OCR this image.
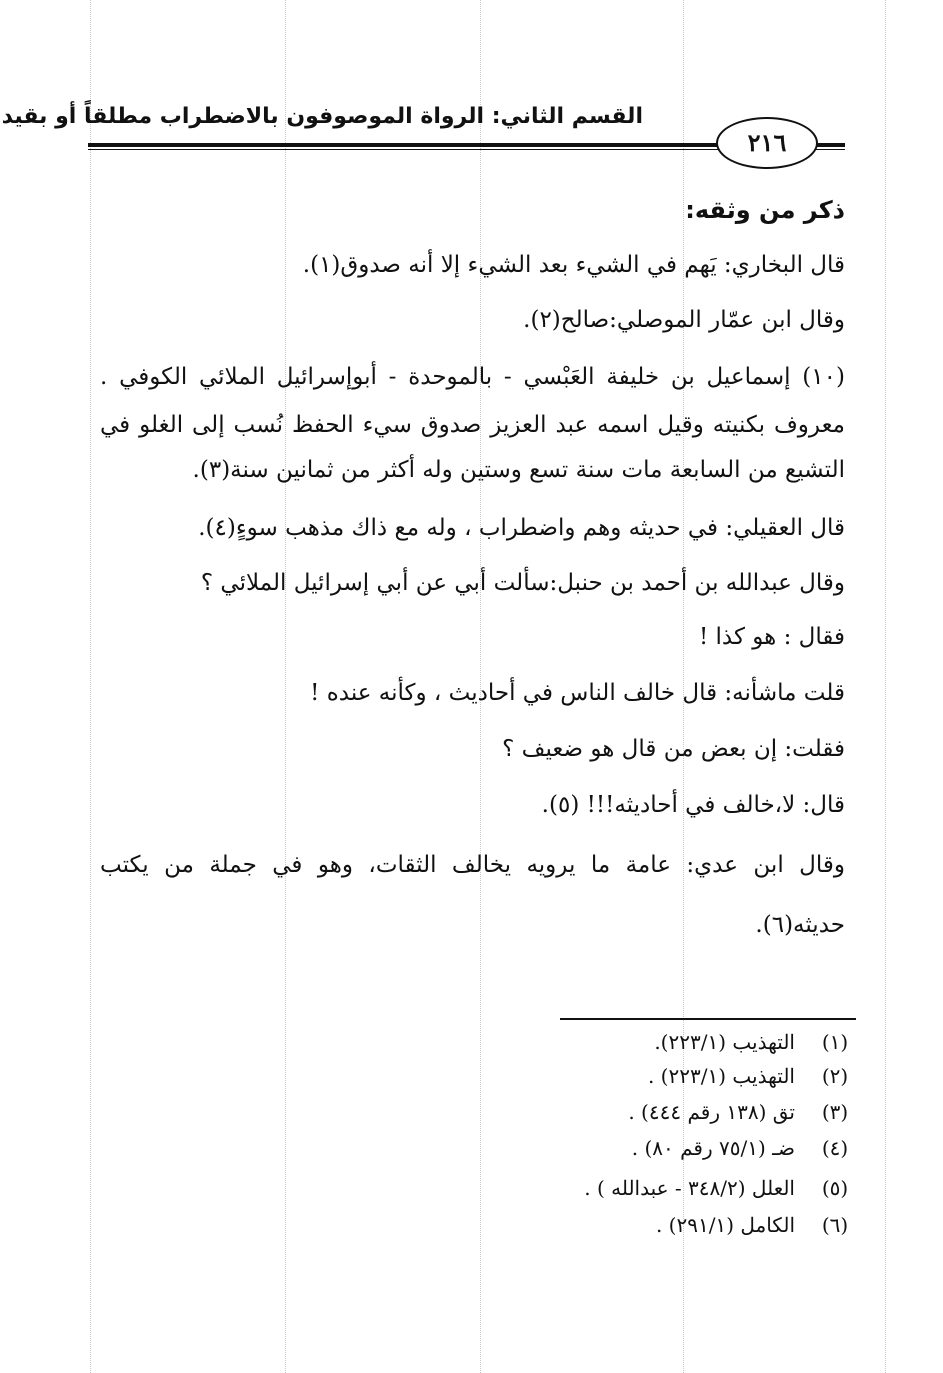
القسم الثاني: الرواة الموصوفون بالاضطراب مطلقاً أو بقيد
٢١٦
ذكر من وثقه:
قال البخاري: يَهم في الشيء بعد الشيء إلا أنه صدوق(١).
وقال ابن عمّار الموصلي:صالح(٢).
(١٠) إسماعيل بن خليفة العَبْسي - بالموحدة - أبوإسرائيل الملائي الكوفي .
معروف بكنيته وقيل اسمه عبد العزيز صدوق سيء الحفظ نُسب إلى الغلو في
التشيع من السابعة مات سنة تسع وستين وله أكثر من ثمانين سنة(٣).
قال العقيلي: في حديثه وهم واضطراب ، وله مع ذاك مذهب سوءٍ(٤).
وقال عبدالله بن أحمد بن حنبل:سألت أبي عن أبي إسرائيل الملائي ؟
فقال : هو كذا !
قلت ماشأنه: قال خالف الناس في أحاديث ، وكأنه عنده !
فقلت: إن بعض من قال هو ضعيف ؟
قال: لا،خالف في أحاديثه!!! (٥).
وقال ابن عدي: عامة ما يرويه يخالف الثقات، وهو في جملة من يكتب
حديثه(٦).
(١)التهذيب (٢٢٣/١).
(٢)التهذيب (٢٢٣/١) .
(٣)تق (١٣٨ رقم ٤٤٤) .
(٤)ضـ (٧٥/١ رقم ٨٠) .
(٥)العلل (٣٤٨/٢ - عبدالله ) .
(٦)الكامل (٢٩١/١) .
